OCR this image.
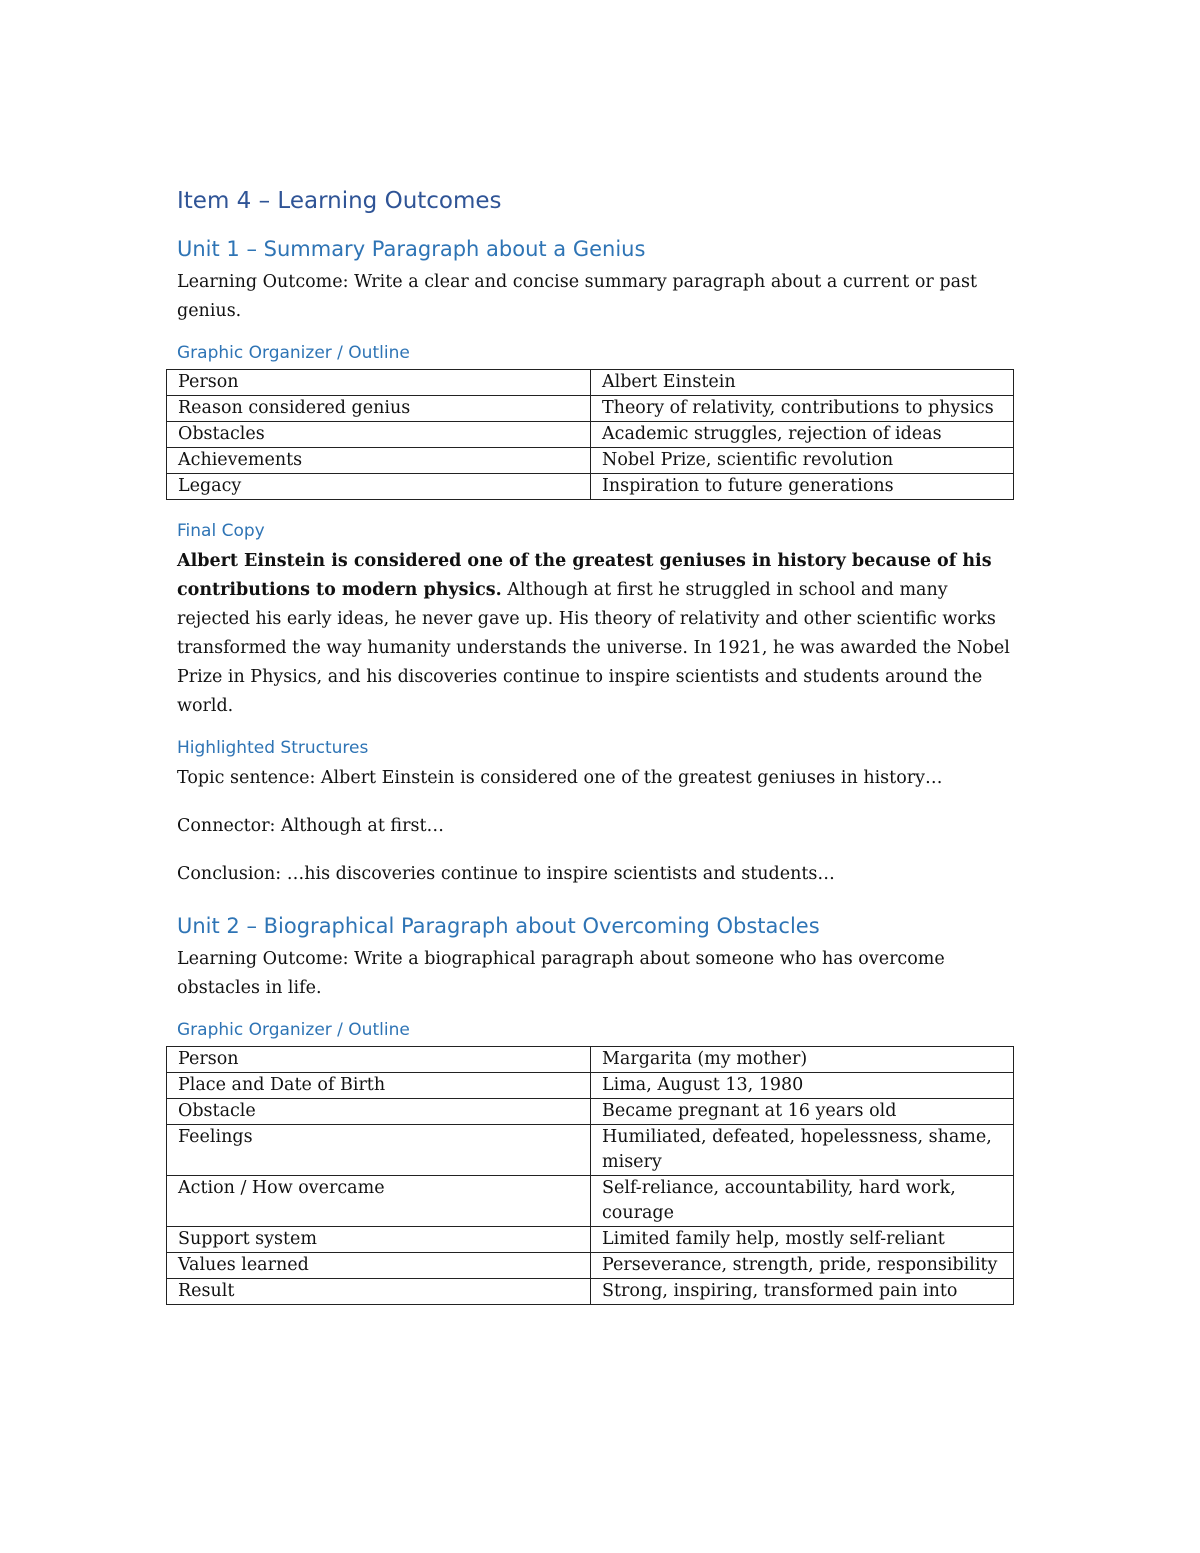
Item 4 – Learning Outcomes
Unit 1 – Summary Paragraph about a Genius

Learning Outcome: Write a clear and concise summary paragraph about a current or past genius.

Graphic Organizer / Outline
Person	Albert Einstein
Reason considered genius	Theory of relativity, contributions to physics
Obstacles	Academic struggles, rejection of ideas
Achievements	Nobel Prize, scientific revolution
Legacy	Inspiration to future generations
Final Copy

Albert Einstein is considered one of the greatest geniuses in history because of his contributions to modern physics. Although at first he struggled in school and many rejected his early ideas, he never gave up. His theory of relativity and other scientific works transformed the way humanity understands the universe. In 1921, he was awarded the Nobel Prize in Physics, and his discoveries continue to inspire scientists and students around the world.

Highlighted Structures

Topic sentence: Albert Einstein is considered one of the greatest geniuses in history…

Connector: Although at first…

Conclusion: …his discoveries continue to inspire scientists and students…

Unit 2 – Biographical Paragraph about Overcoming Obstacles

Learning Outcome: Write a biographical paragraph about someone who has overcome obstacles in life.

Graphic Organizer / Outline
Person	Margarita (my mother)
Place and Date of Birth	Lima, August 13, 1980
Obstacle	Became pregnant at 16 years old
Feelings	Humiliated, defeated, hopelessness, shame, misery
Action / How overcame	Self-reliance, accountability, hard work, courage
Support system	Limited family help, mostly self-reliant
Values learned	Perseverance, strength, pride, responsibility
Result	Strong, inspiring, transformed pain into
